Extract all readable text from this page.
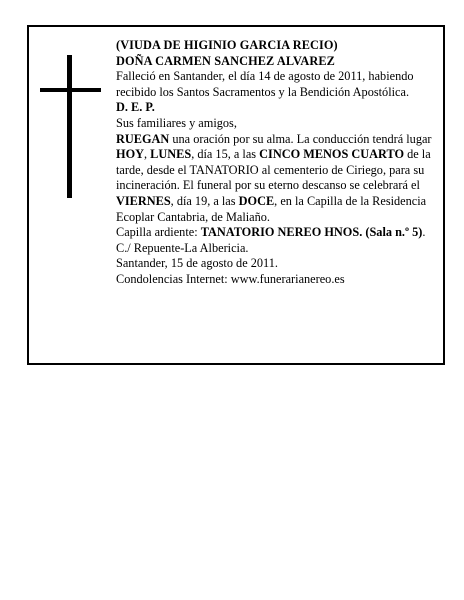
(VIUDA DE HIGINIO GARCIA RECIO)

DOÑA CARMEN SANCHEZ ALVAREZ

Falleció en Santander, el día 14 de agosto de 2011, habiendo recibido los Santos Sacramentos y la Bendición Apostólica.

D. E. P.

Sus familiares y amigos,

RUEGAN una oración por su alma. La conducción tendrá lugar HOY, LUNES, día 15, a las CINCO MENOS CUARTO de la tarde, desde el TANATORIO al cementerio de Ciriego, para su incineración. El funeral por su eterno descanso se celebrará el VIERNES, día 19, a las DOCE, en la Capilla de la Residencia Ecoplar Cantabria, de Maliaño.

Capilla ardiente: TANATORIO NEREO HNOS. (Sala n.º 5). C./ Repuente-La Albericia.

Santander, 15 de agosto de 2011.

Condolencias Internet: www.funerarianereo.es
